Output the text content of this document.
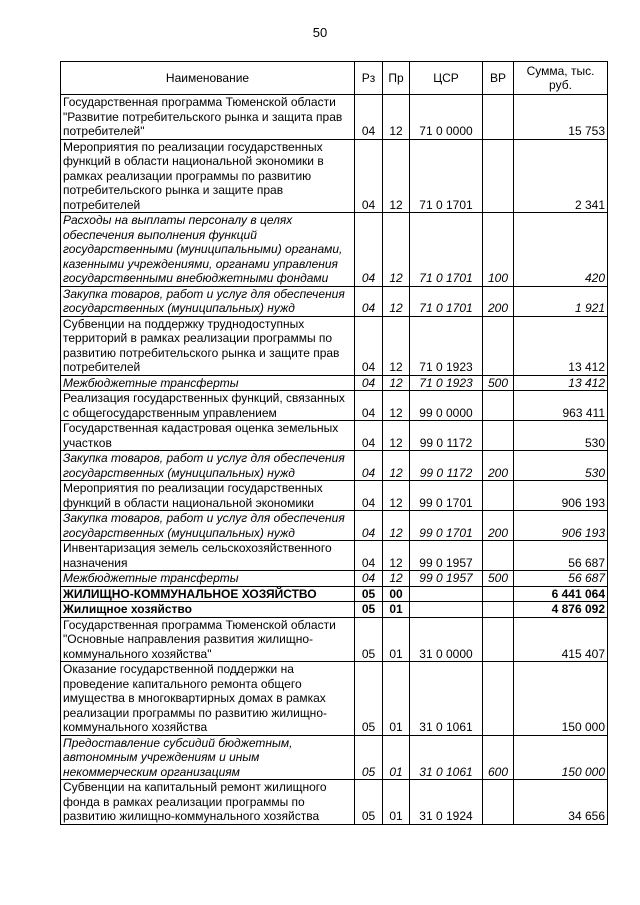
50
Наименование	Рз	Пр	ЦСР	ВР	Сумма, тыс. руб.
Государственная программа Тюменской области "Развитие потребительского рынка и защита прав потребителей"	04	12	71 0 0000		15 753
Мероприятия по реализации государственных функций в области национальной экономики в рамках реализации программы по развитию потребительского рынка и защите прав потребителей	04	12	71 0 1701		2 341
Расходы на выплаты персоналу в целях обеспечения выполнения функций государственными (муниципальными) органами, казенными учреждениями, органами управления государственными внебюджетными фондами	04	12	71 0 1701	100	420
Закупка товаров, работ и услуг для обеспечения государственных (муниципальных) нужд	04	12	71 0 1701	200	1 921
Субвенции на поддержку труднодоступных территорий в рамках реализации программы по развитию потребительского рынка и защите прав потребителей	04	12	71 0 1923		13 412
Межбюджетные трансферты	04	12	71 0 1923	500	13 412
Реализация государственных функций, связанных с общегосударственным управлением	04	12	99 0 0000		963 411
Государственная кадастровая оценка земельных участков	04	12	99 0 1172		530
Закупка товаров, работ и услуг для обеспечения государственных (муниципальных) нужд	04	12	99 0 1172	200	530
Мероприятия по реализации государственных функций в области национальной экономики	04	12	99 0 1701		906 193
Закупка товаров, работ и услуг для обеспечения государственных (муниципальных) нужд	04	12	99 0 1701	200	906 193
Инвентаризация земель сельскохозяйственного назначения	04	12	99 0 1957		56 687
Межбюджетные трансферты	04	12	99 0 1957	500	56 687
ЖИЛИЩНО-КОММУНАЛЬНОЕ ХОЗЯЙСТВО	05	00			6 441 064
Жилищное хозяйство	05	01			4 876 092
Государственная программа Тюменской области "Основные направления развития жилищно-коммунального хозяйства"	05	01	31 0 0000		415 407
Оказание государственной поддержки на проведение капитального ремонта общего имущества в многоквартирных домах в рамках реализации программы по развитию жилищно-коммунального хозяйства	05	01	31 0 1061		150 000
Предоставление субсидий бюджетным, автономным учреждениям и иным некоммерческим организациям	05	01	31 0 1061	600	150 000
Субвенции на капитальный ремонт жилищного фонда в рамках реализации программы по развитию жилищно-коммунального хозяйства	05	01	31 0 1924		34 656
